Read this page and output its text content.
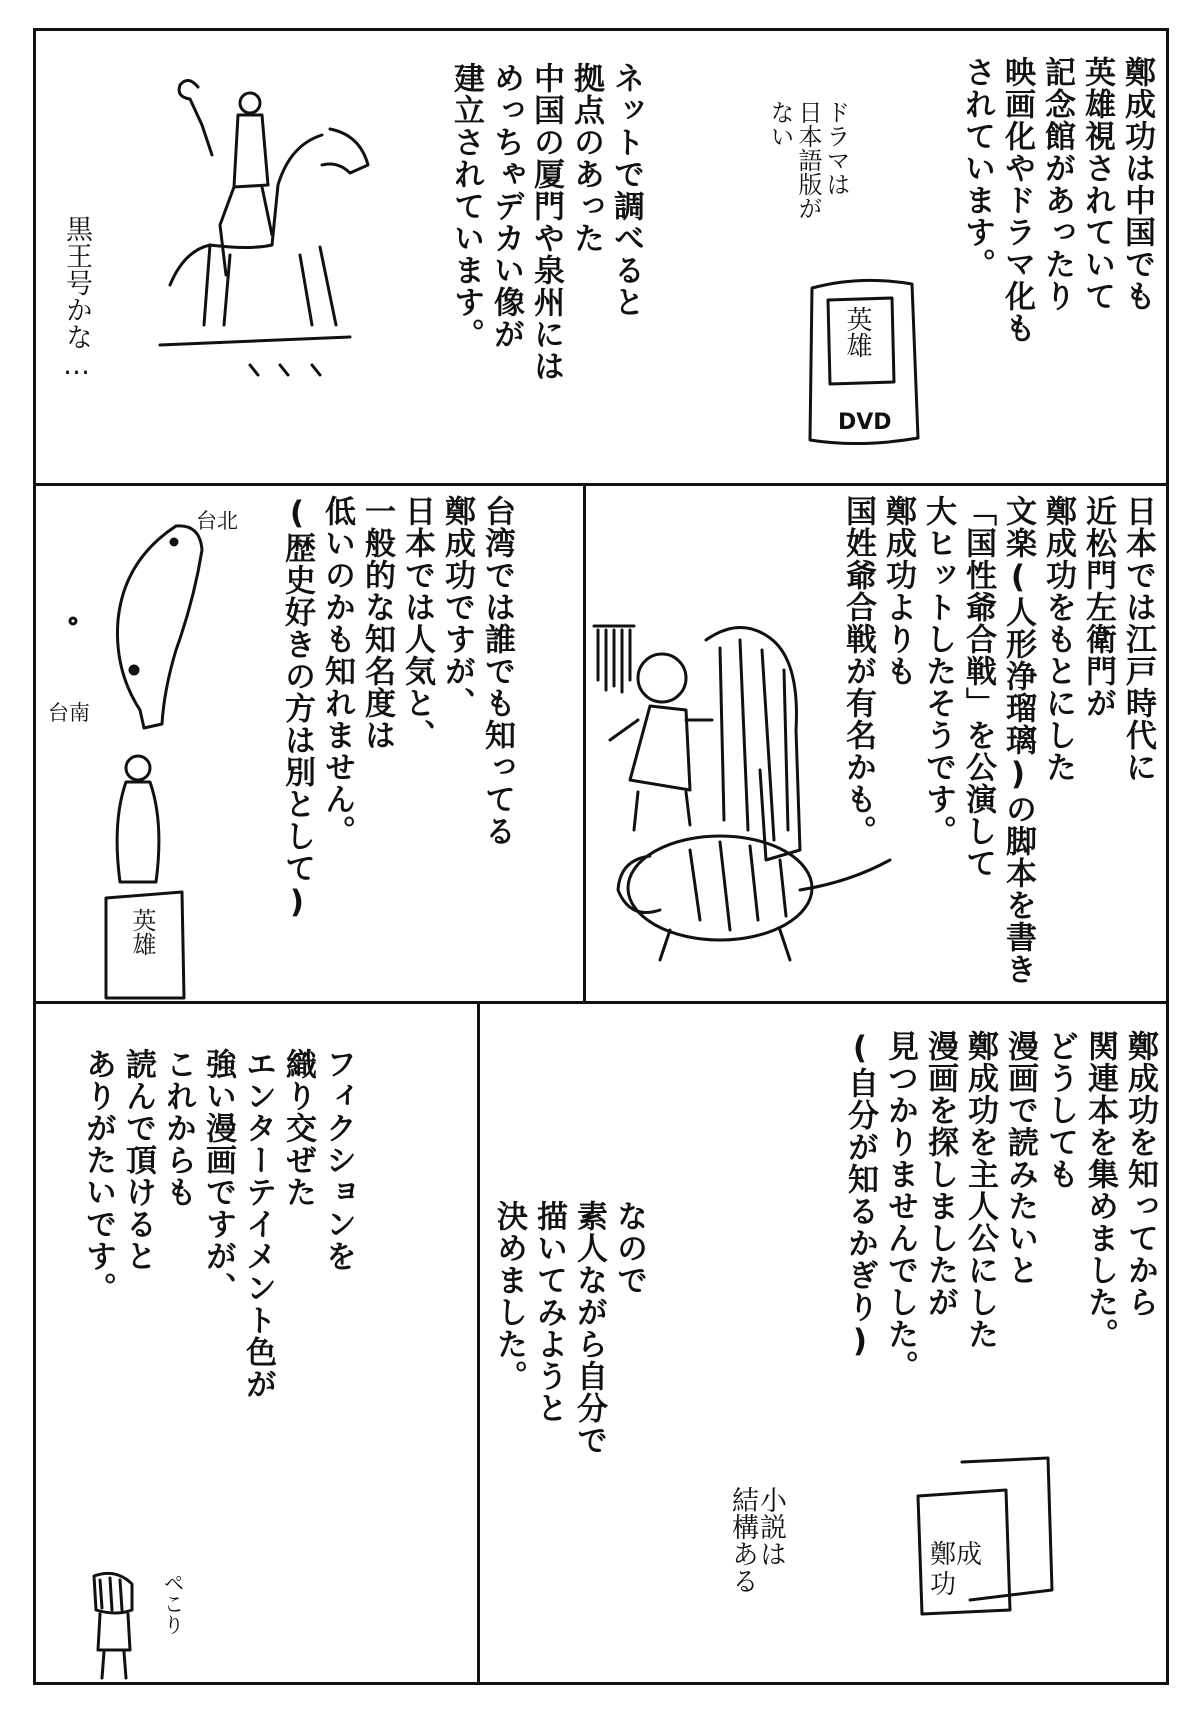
鄭成功は中国でも
英雄視されていて
記念館があったり
映画化やドラマ化も
されています。
ネットで調べると
拠点のあった
中国の厦門や泉州には
めっちゃデカい像が
建立されています。	ドラマは
日本語版が
ない
英雄
DVD
黒王号かな…
日本では江戸時代に
近松門左衛門が
鄭成功をもとにした
文楽(人形浄瑠璃)の脚本を書き
「国性爺合戦」を公演して
大ヒットしたそうです。
鄭成功よりも
国姓爺合戦が有名かも。
台湾では誰でも知ってる
鄭成功ですが、
日本では人気と、
一般的な知名度は
低いのかも知れません。
(歴史好きの方は別として)
台北
台南
英雄
鄭成功を知ってから
関連本を集めました。
どうしても
漫画で読みたいと
鄭成功を主人公にした
漫画を探しましたが
見つかりませんでした。
(自分が知るかぎり)
なので
素人ながら自分で
描いてみようと
決めました。
小説は
結構ある	鄭成功
フィクションを
織り交ぜた
エンターテイメント色が
強い漫画ですが、
これからも
読んで頂けると
ありがたいです。
ペこり
